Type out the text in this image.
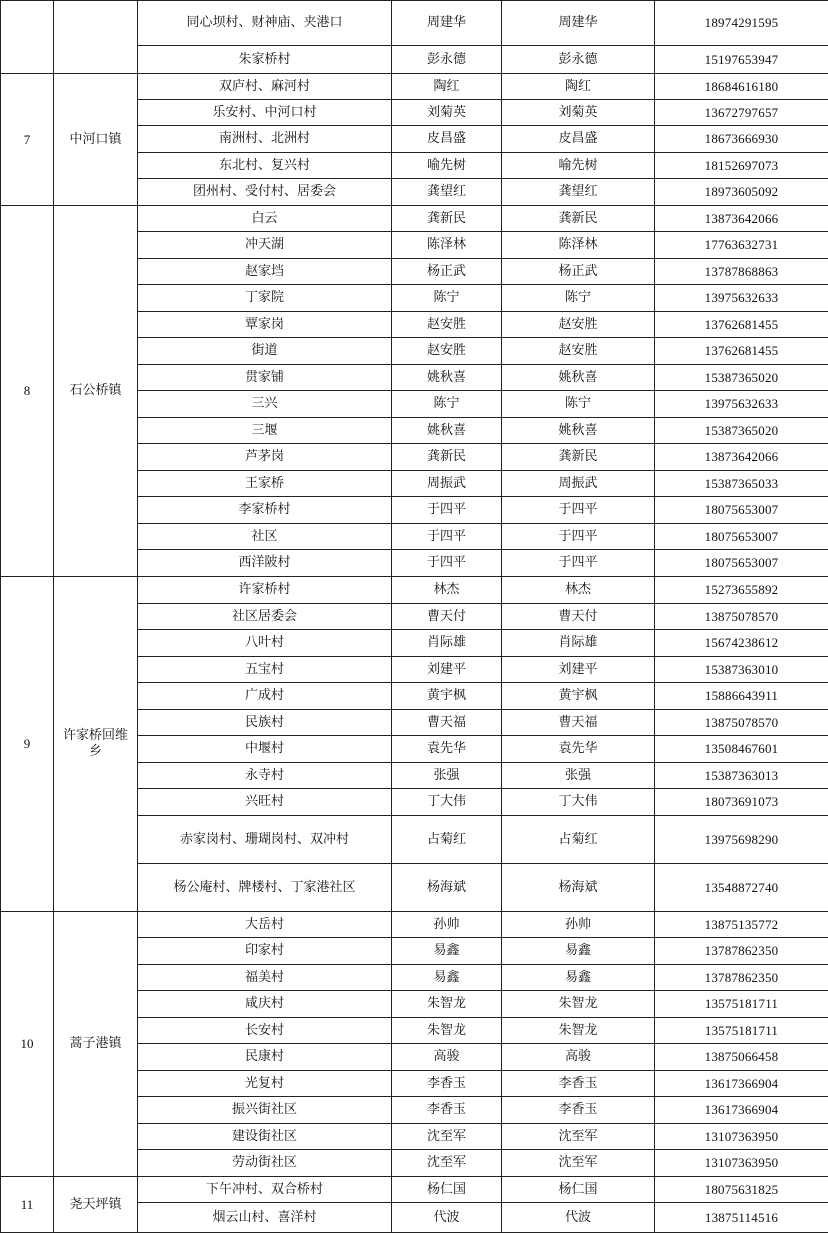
		同心坝村、财神庙、夹港口	周建华	周建华	18974291595
		朱家桥村	彭永德	彭永德	15197653947
7	中河口镇	双庐村、麻河村	陶红	陶红	18684616180
		乐安村、中河口村	刘菊英	刘菊英	13672797657
		南洲村、北洲村	皮昌盛	皮昌盛	18673666930
		东北村、复兴村	喻先树	喻先树	18152697073
		团州村、受付村、居委会	龚望红	龚望红	18973605092
8	石公桥镇	白云	龚新民	龚新民	13873642066
		冲天湖	陈泽林	陈泽林	17763632731
		赵家垱	杨正武	杨正武	13787868863
		丁家院	陈宁	陈宁	13975632633
		覃家岗	赵安胜	赵安胜	13762681455
		街道	赵安胜	赵安胜	13762681455
		贯家铺	姚秋喜	姚秋喜	15387365020
		三兴	陈宁	陈宁	13975632633
		三堰	姚秋喜	姚秋喜	15387365020
		芦茅岗	龚新民	龚新民	13873642066
		王家桥	周振武	周振武	15387365033
		李家桥村	于四平	于四平	18075653007
		社区	于四平	于四平	18075653007
		西洋陂村	于四平	于四平	18075653007
9	许家桥回维乡	许家桥村	林杰	林杰	15273655892
		社区居委会	曹天付	曹天付	13875078570
		八叶村	肖际雄	肖际雄	15674238612
		五宝村	刘建平	刘建平	15387363010
		广成村	黄宇枫	黄宇枫	15886643911
		民族村	曹天福	曹天福	13875078570
		中堰村	袁先华	袁先华	13508467601
		永寺村	张强	张强	15387363013
		兴旺村	丁大伟	丁大伟	18073691073
		赤家岗村、珊瑚岗村、双冲村	占菊红	占菊红	13975698290
		杨公庵村、牌楼村、丁家港社区	杨海斌	杨海斌	13548872740
10	蒿子港镇	大岳村	孙帅	孙帅	13875135772
		印家村	易鑫	易鑫	13787862350
		福美村	易鑫	易鑫	13787862350
		咸庆村	朱智龙	朱智龙	13575181711
		长安村	朱智龙	朱智龙	13575181711
		民康村	高骏	高骏	13875066458
		光复村	李香玉	李香玉	13617366904
		振兴街社区	李香玉	李香玉	13617366904
		建设街社区	沈至军	沈至军	13107363950
		劳动街社区	沈至军	沈至军	13107363950
11	尧天坪镇	下午冲村、双合桥村	杨仁国	杨仁国	18075631825
		烟云山村、喜洋村	代波	代波	13875114516
